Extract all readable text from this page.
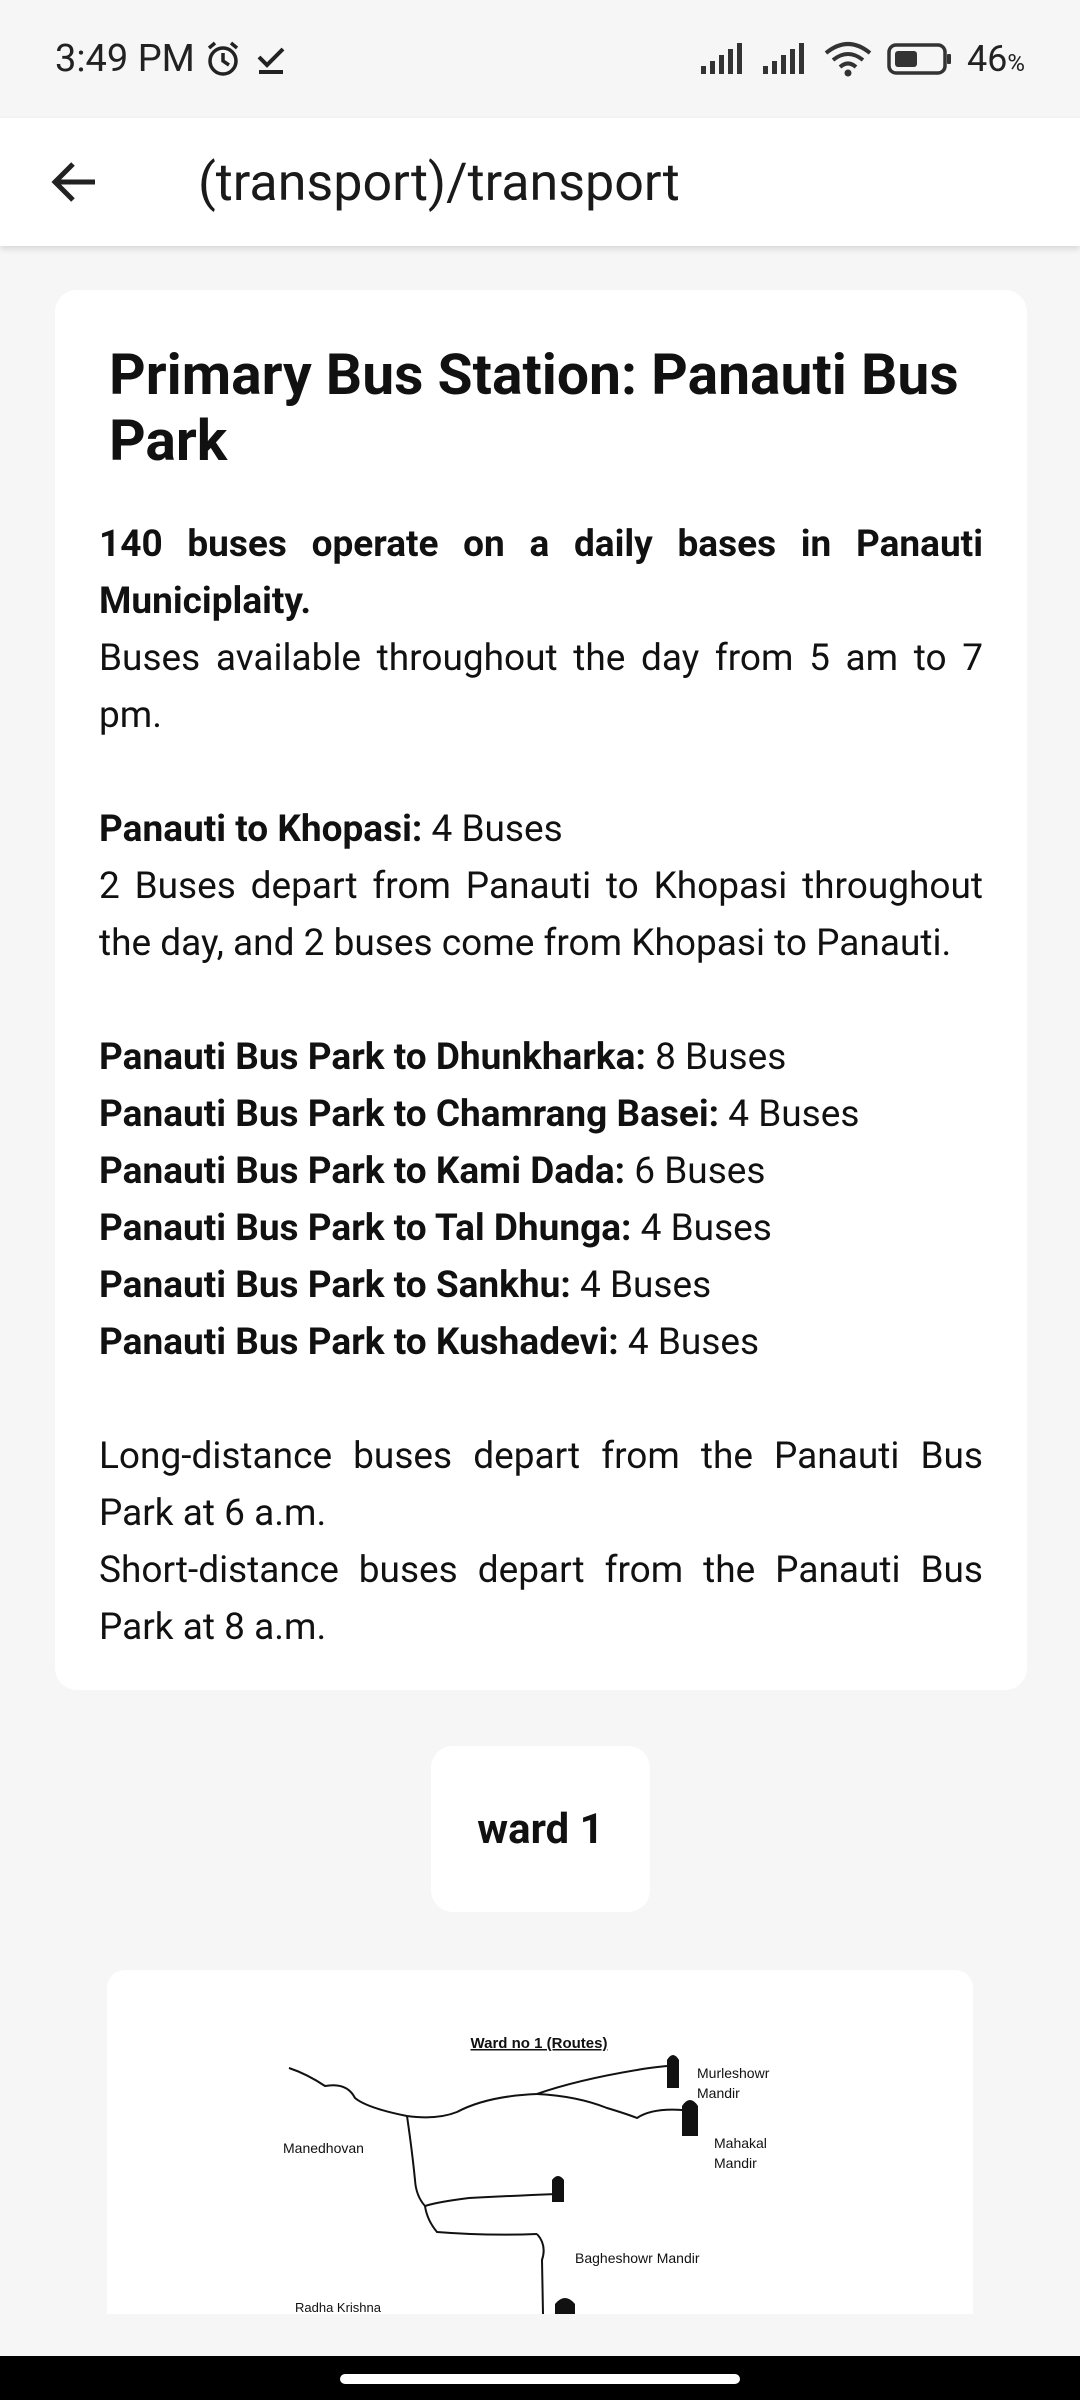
3:49 PM	46%
(transport)/transport
Primary Bus Station: Panauti Bus Park
140 buses operate on a daily bases in Panauti Municiplaity.
Buses available throughout the day from 5 am to 7 pm.
Panauti to Khopasi: 4 Buses
2 Buses depart from Panauti to Khopasi throughout the day, and 2 buses come from Khopasi to Panauti.
Panauti Bus Park to Dhunkharka: 8 Buses
Panauti Bus Park to Chamrang Basei: 4 Buses
Panauti Bus Park to Kami Dada: 6 Buses
Panauti Bus Park to Tal Dhunga: 4 Buses
Panauti Bus Park to Sankhu: 4 Buses
Panauti Bus Park to Kushadevi: 4 Buses
Long-distance buses depart from the Panauti Bus Park at 6 a.m.
Short-distance buses depart from the Panauti Bus Park at 8 a.m.
ward 1
Ward no 1 (Routes)
Murleshowr
Mandir
Mahakal
Mandir
Manedhovan
Bagheshowr Mandir
Radha Krishna
